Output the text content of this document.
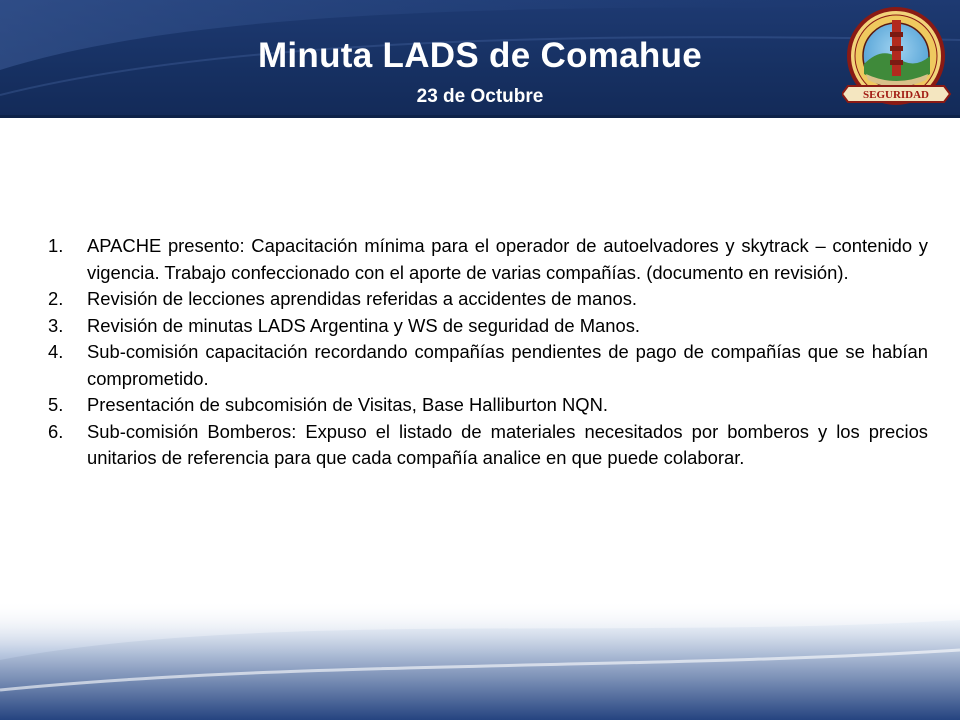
Minuta LADS de Comahue
23 de Octubre	SEGURIDAD
1. APACHE presento: Capacitación mínima para el operador de autoelvadores y skytrack – contenido y vigencia. Trabajo confeccionado con el aporte de varias compañías. (documento en revisión).
2. Revisión de lecciones aprendidas referidas a accidentes de manos.
3. Revisión de minutas LADS Argentina y WS de seguridad de Manos.
4. Sub-comisión capacitación recordando compañías pendientes de pago de compañías que se habían comprometido.
5. Presentación de subcomisión de Visitas, Base Halliburton NQN.
6. Sub-comisión Bomberos: Expuso el listado de materiales necesitados por bomberos y los precios unitarios de referencia para que cada compañía analice en que puede colaborar.
